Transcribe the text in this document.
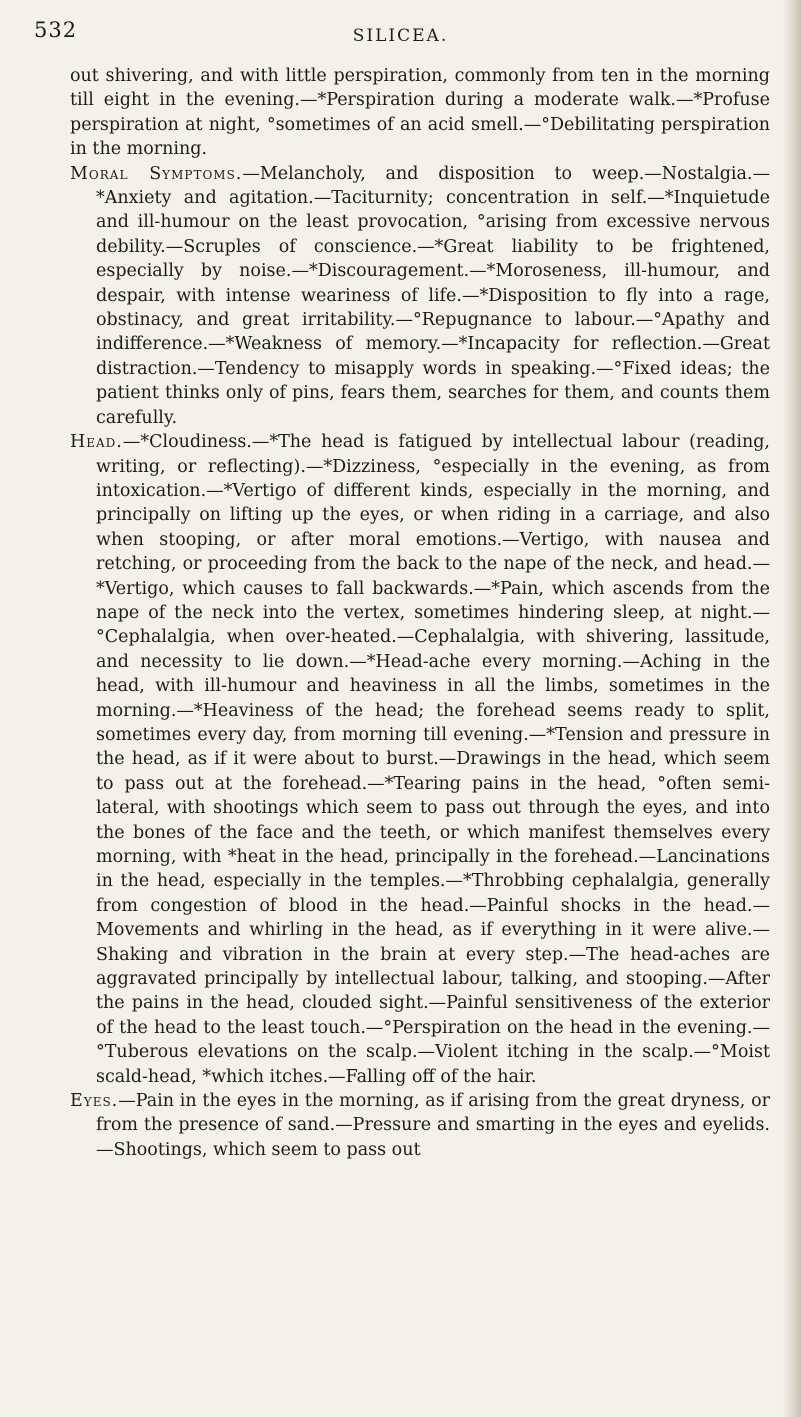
532	SILICEA.

out shivering, and with little perspiration, commonly from ten in the morning till eight in the evening.—*Perspiration during a moderate walk.—*Profuse perspiration at night, °sometimes of an acid smell.—°Debilitating perspiration in the morning.

Moral Symptoms.—Melancholy, and disposition to weep.—Nostalgia.—*Anxiety and agitation.—Taciturnity; concentration in self.—*Inquietude and ill-humour on the least provocation, °arising from excessive nervous debility.—Scruples of conscience.—*Great liability to be frightened, especially by noise.—*Discouragement.—*Moroseness, ill-humour, and despair, with intense weariness of life.—*Disposition to fly into a rage, obstinacy, and great irritability.—°Repugnance to labour.—°Apathy and indifference.—*Weakness of memory.—*Incapacity for reflection.—Great distraction.—Tendency to misapply words in speaking.—°Fixed ideas; the patient thinks only of pins, fears them, searches for them, and counts them carefully.

Head.—*Cloudiness.—*The head is fatigued by intellectual labour (reading, writing, or reflecting).—*Dizziness, °especially in the evening, as from intoxication.—*Vertigo of different kinds, especially in the morning, and principally on lifting up the eyes, or when riding in a carriage, and also when stooping, or after moral emotions.—Vertigo, with nausea and retching, or proceeding from the back to the nape of the neck, and head.—*Vertigo, which causes to fall backwards.—*Pain, which ascends from the nape of the neck into the vertex, sometimes hindering sleep, at night.—°Cephalalgia, when over-heated.—Cephalalgia, with shivering, lassitude, and necessity to lie down.—*Head-ache every morning.—Aching in the head, with ill-humour and heaviness in all the limbs, sometimes in the morning.—*Heaviness of the head; the forehead seems ready to split, sometimes every day, from morning till evening.—*Tension and pressure in the head, as if it were about to burst.—Drawings in the head, which seem to pass out at the forehead.—*Tearing pains in the head, °often semi-lateral, with shootings which seem to pass out through the eyes, and into the bones of the face and the teeth, or which manifest themselves every morning, with *heat in the head, principally in the forehead.—Lancinations in the head, especially in the temples.—*Throbbing cephalalgia, generally from congestion of blood in the head.—Painful shocks in the head.—Movements and whirling in the head, as if everything in it were alive.—Shaking and vibration in the brain at every step.—The head-aches are aggravated principally by intellectual labour, talking, and stooping.—After the pains in the head, clouded sight.—Painful sensitiveness of the exterior of the head to the least touch.—°Perspiration on the head in the evening.—°Tuberous elevations on the scalp.—Violent itching in the scalp.—°Moist scald-head, *which itches.—Falling off of the hair.

Eyes.—Pain in the eyes in the morning, as if arising from the great dryness, or from the presence of sand.—Pressure and smarting in the eyes and eyelids.—Shootings, which seem to pass out
